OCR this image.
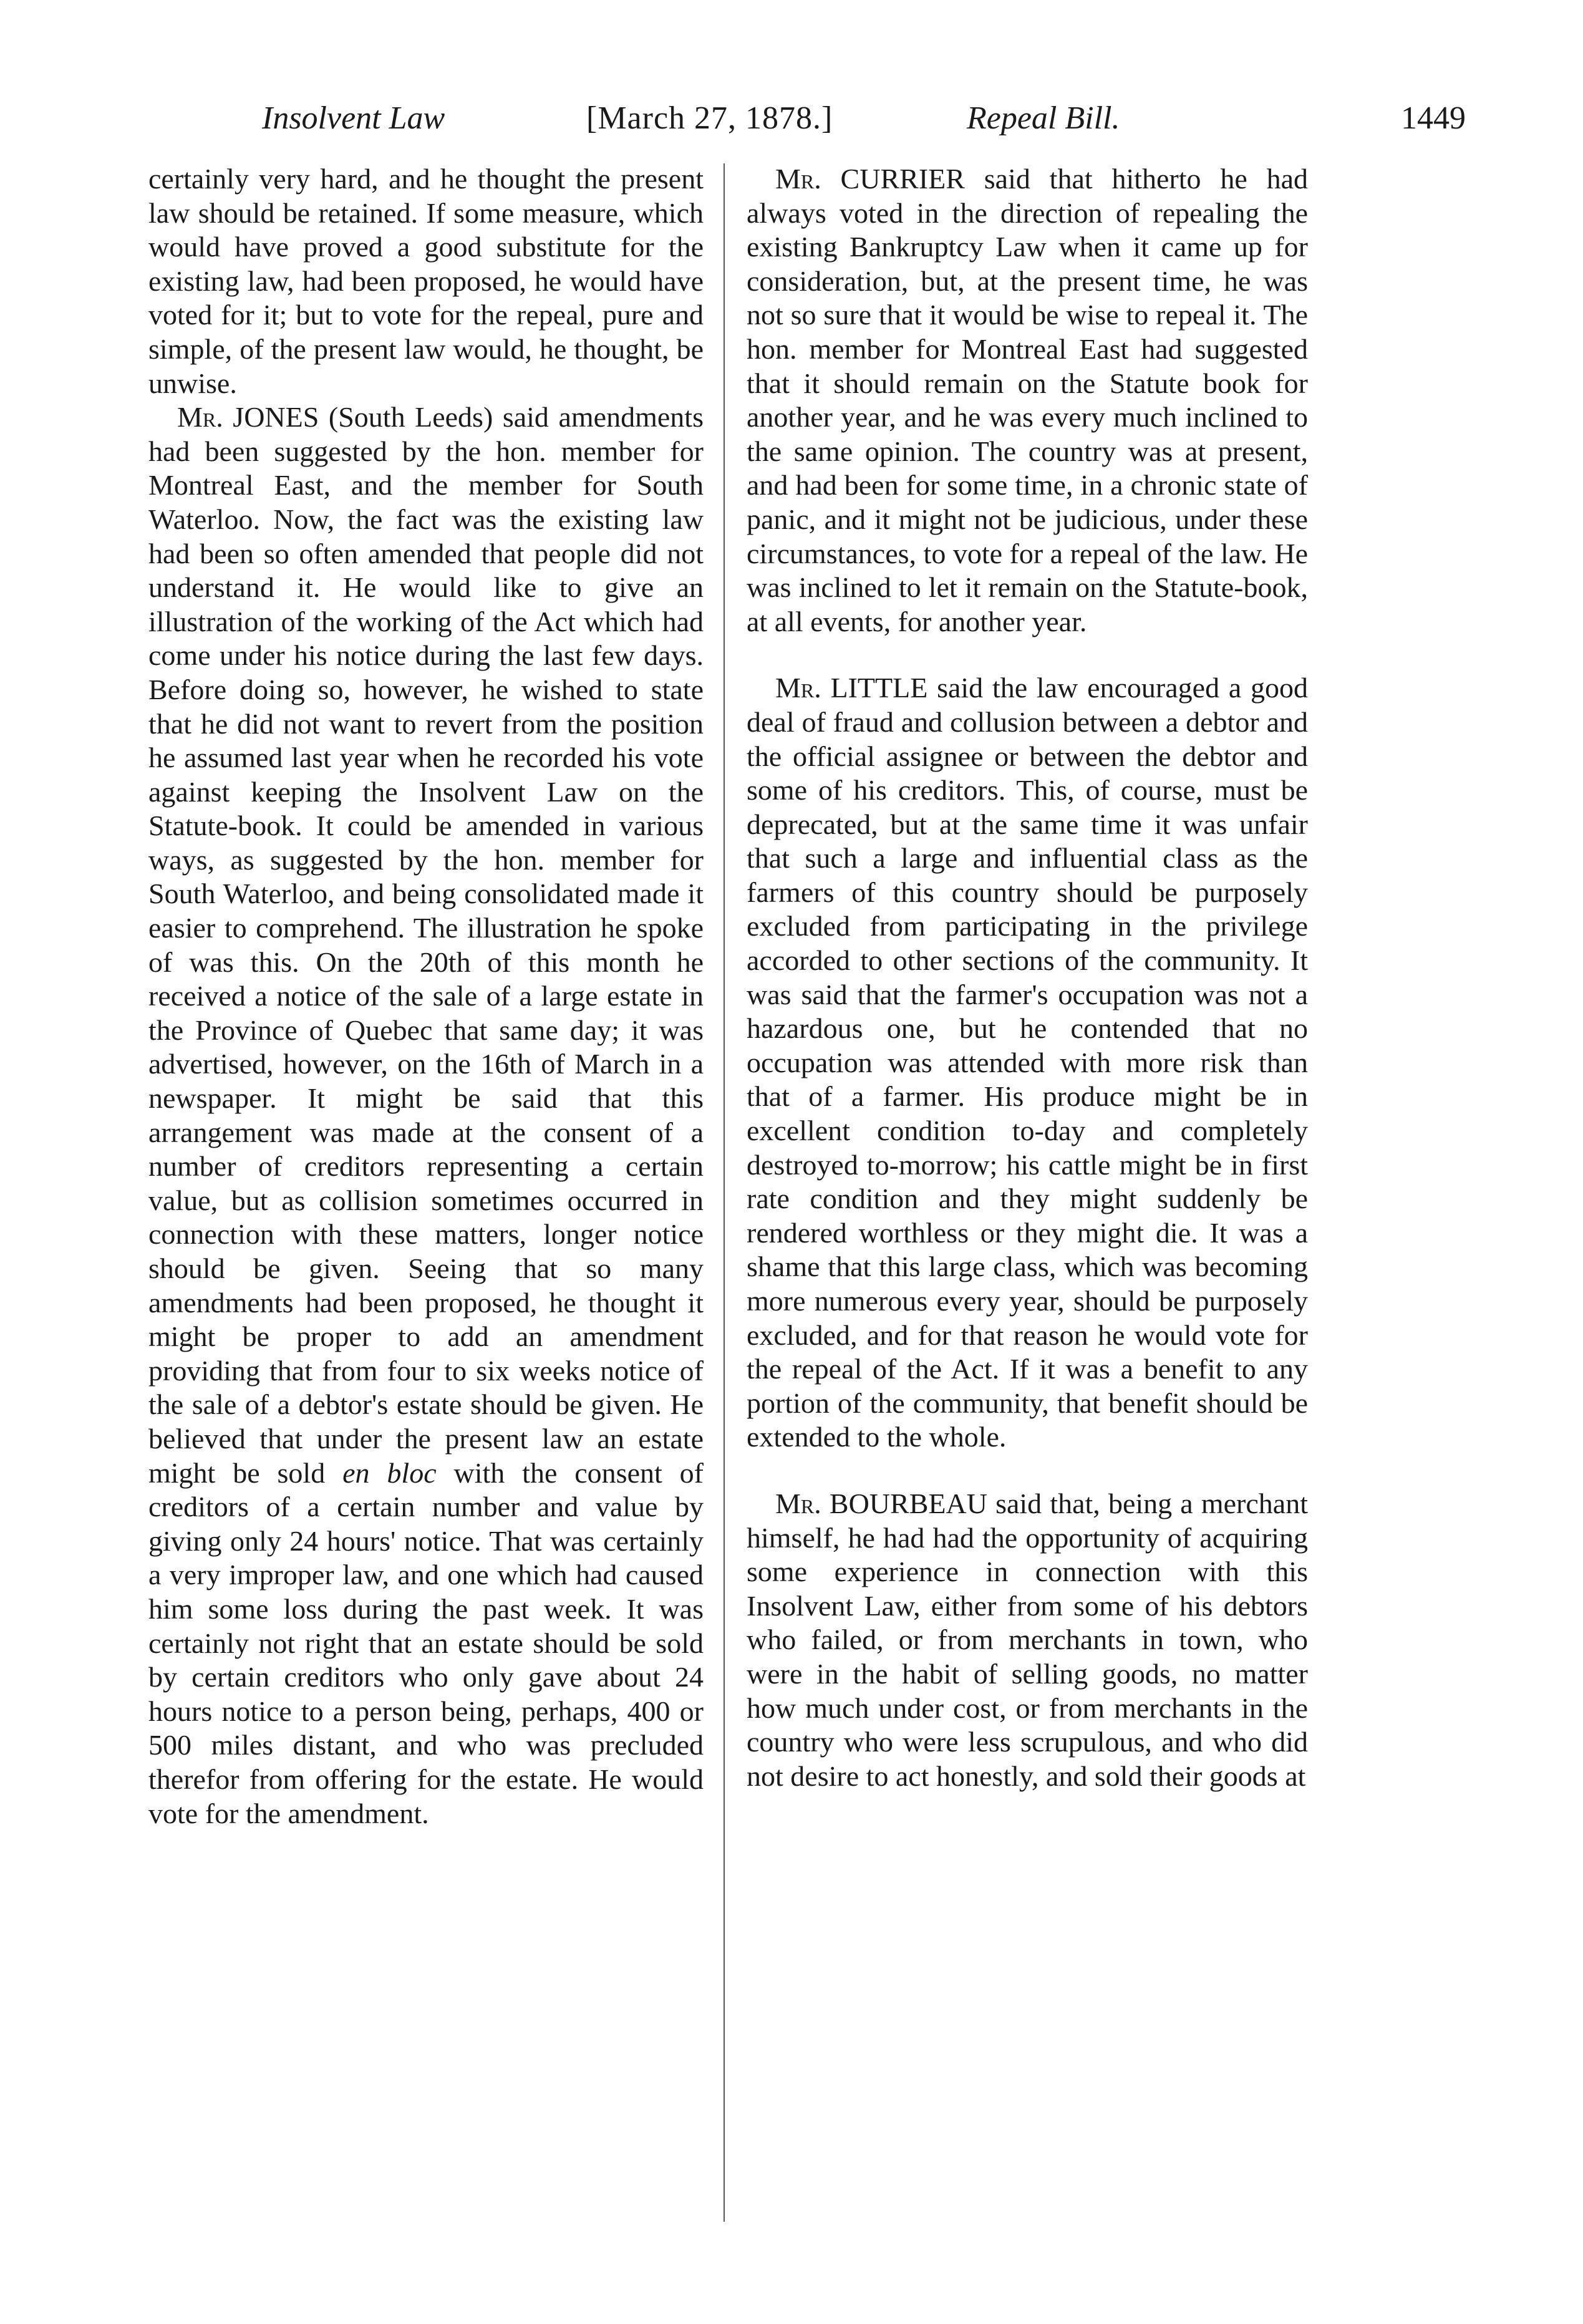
Insolvent Law	[March 27, 1878.]	Repeal Bill.	1449

certainly very hard, and he thought the present law should be retained. If some measure, which would have proved a good substitute for the existing law, had been proposed, he would have voted for it; but to vote for the repeal, pure and simple, of the present law would, he thought, be unwise.

Mr. JONES (South Leeds) said amendments had been suggested by the hon. member for Montreal East, and the member for South Waterloo. Now, the fact was the existing law had been so often amended that people did not understand it. He would like to give an illustration of the working of the Act which had come under his notice during the last few days. Before doing so, however, he wished to state that he did not want to revert from the position he assumed last year when he recorded his vote against keeping the Insolvent Law on the Statute-book. It could be amended in various ways, as suggested by the hon. member for South Waterloo, and being consolidated made it easier to comprehend. The illustration he spoke of was this. On the 20th of this month he received a notice of the sale of a large estate in the Province of Quebec that same day; it was advertised, however, on the 16th of March in a newspaper. It might be said that this arrangement was made at the consent of a number of creditors representing a certain value, but as collision sometimes occurred in connection with these matters, longer notice should be given. Seeing that so many amendments had been proposed, he thought it might be proper to add an amendment providing that from four to six weeks notice of the sale of a debtor's estate should be given. He believed that under the present law an estate might be sold en bloc with the consent of creditors of a certain number and value by giving only 24 hours' notice. That was certainly a very improper law, and one which had caused him some loss during the past week. It was certainly not right that an estate should be sold by certain creditors who only gave about 24 hours notice to a person being, perhaps, 400 or 500 miles distant, and who was precluded therefor from offering for the estate. He would vote for the amendment.

Mr. CURRIER said that hitherto he had always voted in the direction of repealing the existing Bankruptcy Law when it came up for consideration, but, at the present time, he was not so sure that it would be wise to repeal it. The hon. member for Montreal East had suggested that it should remain on the Statute book for another year, and he was every much inclined to the same opinion. The country was at present, and had been for some time, in a chronic state of panic, and it might not be judicious, under these circumstances, to vote for a repeal of the law. He was inclined to let it remain on the Statute-book, at all events, for another year.

Mr. LITTLE said the law encouraged a good deal of fraud and collusion between a debtor and the official assignee or between the debtor and some of his creditors. This, of course, must be deprecated, but at the same time it was unfair that such a large and influential class as the farmers of this country should be purposely excluded from participating in the privilege accorded to other sections of the community. It was said that the farmer's occupation was not a hazardous one, but he contended that no occupation was attended with more risk than that of a farmer. His produce might be in excellent condition to-day and completely destroyed to-morrow; his cattle might be in first rate condition and they might suddenly be rendered worthless or they might die. It was a shame that this large class, which was becoming more numerous every year, should be purposely excluded, and for that reason he would vote for the repeal of the Act. If it was a benefit to any portion of the community, that benefit should be extended to the whole.

Mr. BOURBEAU said that, being a merchant himself, he had had the opportunity of acquiring some experience in connection with this Insolvent Law, either from some of his debtors who failed, or from merchants in town, who were in the habit of selling goods, no matter how much under cost, or from merchants in the country who were less scrupulous, and who did not desire to act honestly, and sold their goods at
